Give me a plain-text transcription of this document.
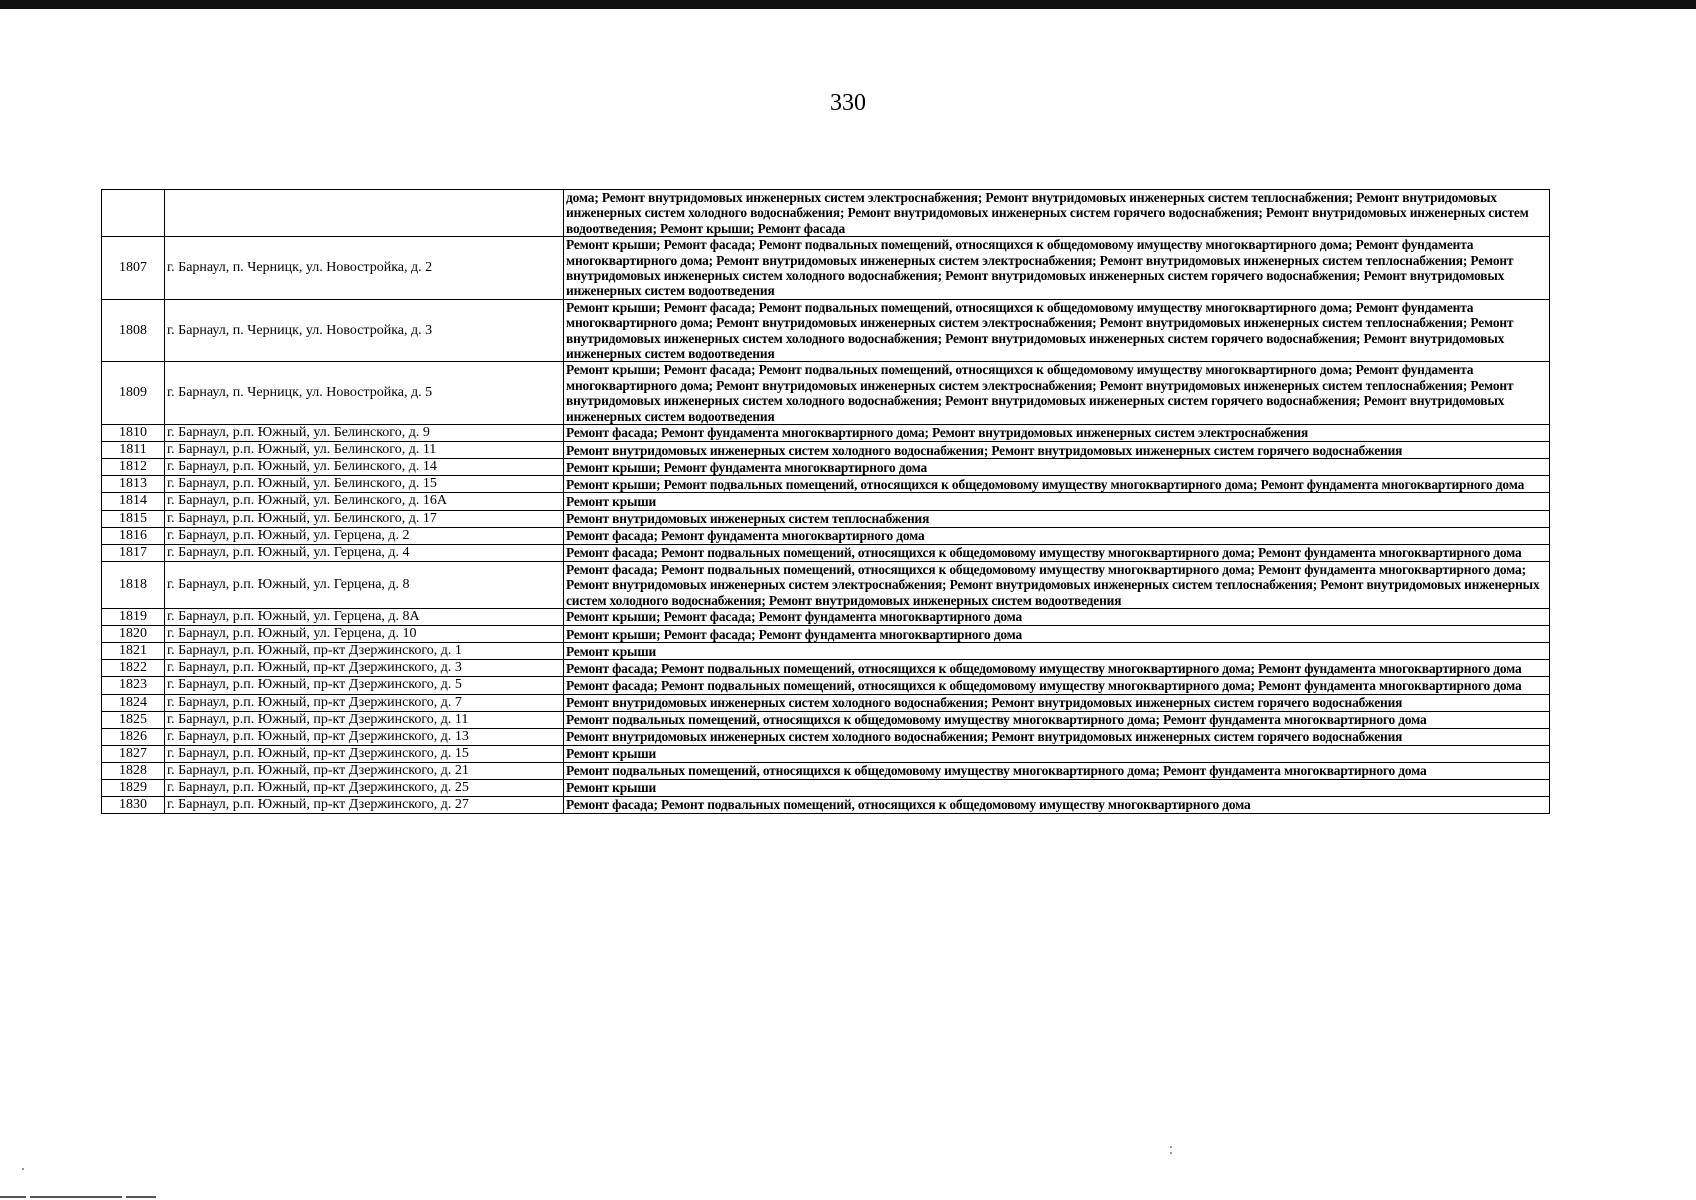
330
		дома; Ремонт внутридомовых инженерных систем электроснабжения; Ремонт внутридомовых инженерных систем теплоснабжения; Ремонт внутридомовых инженерных систем холодного водоснабжения; Ремонт внутридомовых инженерных систем горячего водоснабжения; Ремонт внутридомовых инженерных систем водоотведения; Ремонт крыши; Ремонт фасада
1807	г. Барнаул, п. Черницк, ул. Новостройка, д. 2	Ремонт крыши; Ремонт фасада; Ремонт подвальных помещений, относящихся к общедомовому имуществу многоквартирного дома; Ремонт фундамента многоквартирного дома; Ремонт внутридомовых инженерных систем электроснабжения; Ремонт внутридомовых инженерных систем теплоснабжения; Ремонт внутридомовых инженерных систем холодного водоснабжения; Ремонт внутридомовых инженерных систем горячего водоснабжения; Ремонт внутридомовых инженерных систем водоотведения
1808	г. Барнаул, п. Черницк, ул. Новостройка, д. 3	Ремонт крыши; Ремонт фасада; Ремонт подвальных помещений, относящихся к общедомовому имуществу многоквартирного дома; Ремонт фундамента многоквартирного дома; Ремонт внутридомовых инженерных систем электроснабжения; Ремонт внутридомовых инженерных систем теплоснабжения; Ремонт внутридомовых инженерных систем холодного водоснабжения; Ремонт внутридомовых инженерных систем горячего водоснабжения; Ремонт внутридомовых инженерных систем водоотведения
1809	г. Барнаул, п. Черницк, ул. Новостройка, д. 5	Ремонт крыши; Ремонт фасада; Ремонт подвальных помещений, относящихся к общедомовому имуществу многоквартирного дома; Ремонт фундамента многоквартирного дома; Ремонт внутридомовых инженерных систем электроснабжения; Ремонт внутридомовых инженерных систем теплоснабжения; Ремонт внутридомовых инженерных систем холодного водоснабжения; Ремонт внутридомовых инженерных систем горячего водоснабжения; Ремонт внутридомовых инженерных систем водоотведения
1810	г. Барнаул, р.п. Южный, ул. Белинского, д. 9	Ремонт фасада; Ремонт фундамента многоквартирного дома; Ремонт внутридомовых инженерных систем электроснабжения
1811	г. Барнаул, р.п. Южный, ул. Белинского, д. 11	Ремонт внутридомовых инженерных систем холодного водоснабжения; Ремонт внутридомовых инженерных систем горячего водоснабжения
1812	г. Барнаул, р.п. Южный, ул. Белинского, д. 14	Ремонт крыши; Ремонт фундамента многоквартирного дома
1813	г. Барнаул, р.п. Южный, ул. Белинского, д. 15	Ремонт крыши; Ремонт подвальных помещений, относящихся к общедомовому имуществу многоквартирного дома; Ремонт фундамента многоквартирного дома
1814	г. Барнаул, р.п. Южный, ул. Белинского, д. 16А	Ремонт крыши
1815	г. Барнаул, р.п. Южный, ул. Белинского, д. 17	Ремонт внутридомовых инженерных систем теплоснабжения
1816	г. Барнаул, р.п. Южный, ул. Герцена, д. 2	Ремонт фасада; Ремонт фундамента многоквартирного дома
1817	г. Барнаул, р.п. Южный, ул. Герцена, д. 4	Ремонт фасада; Ремонт подвальных помещений, относящихся к общедомовому имуществу многоквартирного дома; Ремонт фундамента многоквартирного дома
1818	г. Барнаул, р.п. Южный, ул. Герцена, д. 8	Ремонт фасада; Ремонт подвальных помещений, относящихся к общедомовому имуществу многоквартирного дома; Ремонт фундамента многоквартирного дома; Ремонт внутридомовых инженерных систем электроснабжения; Ремонт внутридомовых инженерных систем теплоснабжения; Ремонт внутридомовых инженерных систем холодного водоснабжения; Ремонт внутридомовых инженерных систем водоотведения
1819	г. Барнаул, р.п. Южный, ул. Герцена, д. 8А	Ремонт крыши; Ремонт фасада; Ремонт фундамента многоквартирного дома
1820	г. Барнаул, р.п. Южный, ул. Герцена, д. 10	Ремонт крыши; Ремонт фасада; Ремонт фундамента многоквартирного дома
1821	г. Барнаул, р.п. Южный, пр-кт Дзержинского, д. 1	Ремонт крыши
1822	г. Барнаул, р.п. Южный, пр-кт Дзержинского, д. 3	Ремонт фасада; Ремонт подвальных помещений, относящихся к общедомовому имуществу многоквартирного дома; Ремонт фундамента многоквартирного дома
1823	г. Барнаул, р.п. Южный, пр-кт Дзержинского, д. 5	Ремонт фасада; Ремонт подвальных помещений, относящихся к общедомовому имуществу многоквартирного дома; Ремонт фундамента многоквартирного дома
1824	г. Барнаул, р.п. Южный, пр-кт Дзержинского, д. 7	Ремонт внутридомовых инженерных систем холодного водоснабжения; Ремонт внутридомовых инженерных систем горячего водоснабжения
1825	г. Барнаул, р.п. Южный, пр-кт Дзержинского, д. 11	Ремонт подвальных помещений, относящихся к общедомовому имуществу многоквартирного дома; Ремонт фундамента многоквартирного дома
1826	г. Барнаул, р.п. Южный, пр-кт Дзержинского, д. 13	Ремонт внутридомовых инженерных систем холодного водоснабжения; Ремонт внутридомовых инженерных систем горячего водоснабжения
1827	г. Барнаул, р.п. Южный, пр-кт Дзержинского, д. 15	Ремонт крыши
1828	г. Барнаул, р.п. Южный, пр-кт Дзержинского, д. 21	Ремонт подвальных помещений, относящихся к общедомовому имуществу многоквартирного дома; Ремонт фундамента многоквартирного дома
1829	г. Барнаул, р.п. Южный, пр-кт Дзержинского, д. 25	Ремонт крыши
1830	г. Барнаул, р.п. Южный, пр-кт Дзержинского, д. 27	Ремонт фасада; Ремонт подвальных помещений, относящихся к общедомовому имуществу многоквартирного дома
